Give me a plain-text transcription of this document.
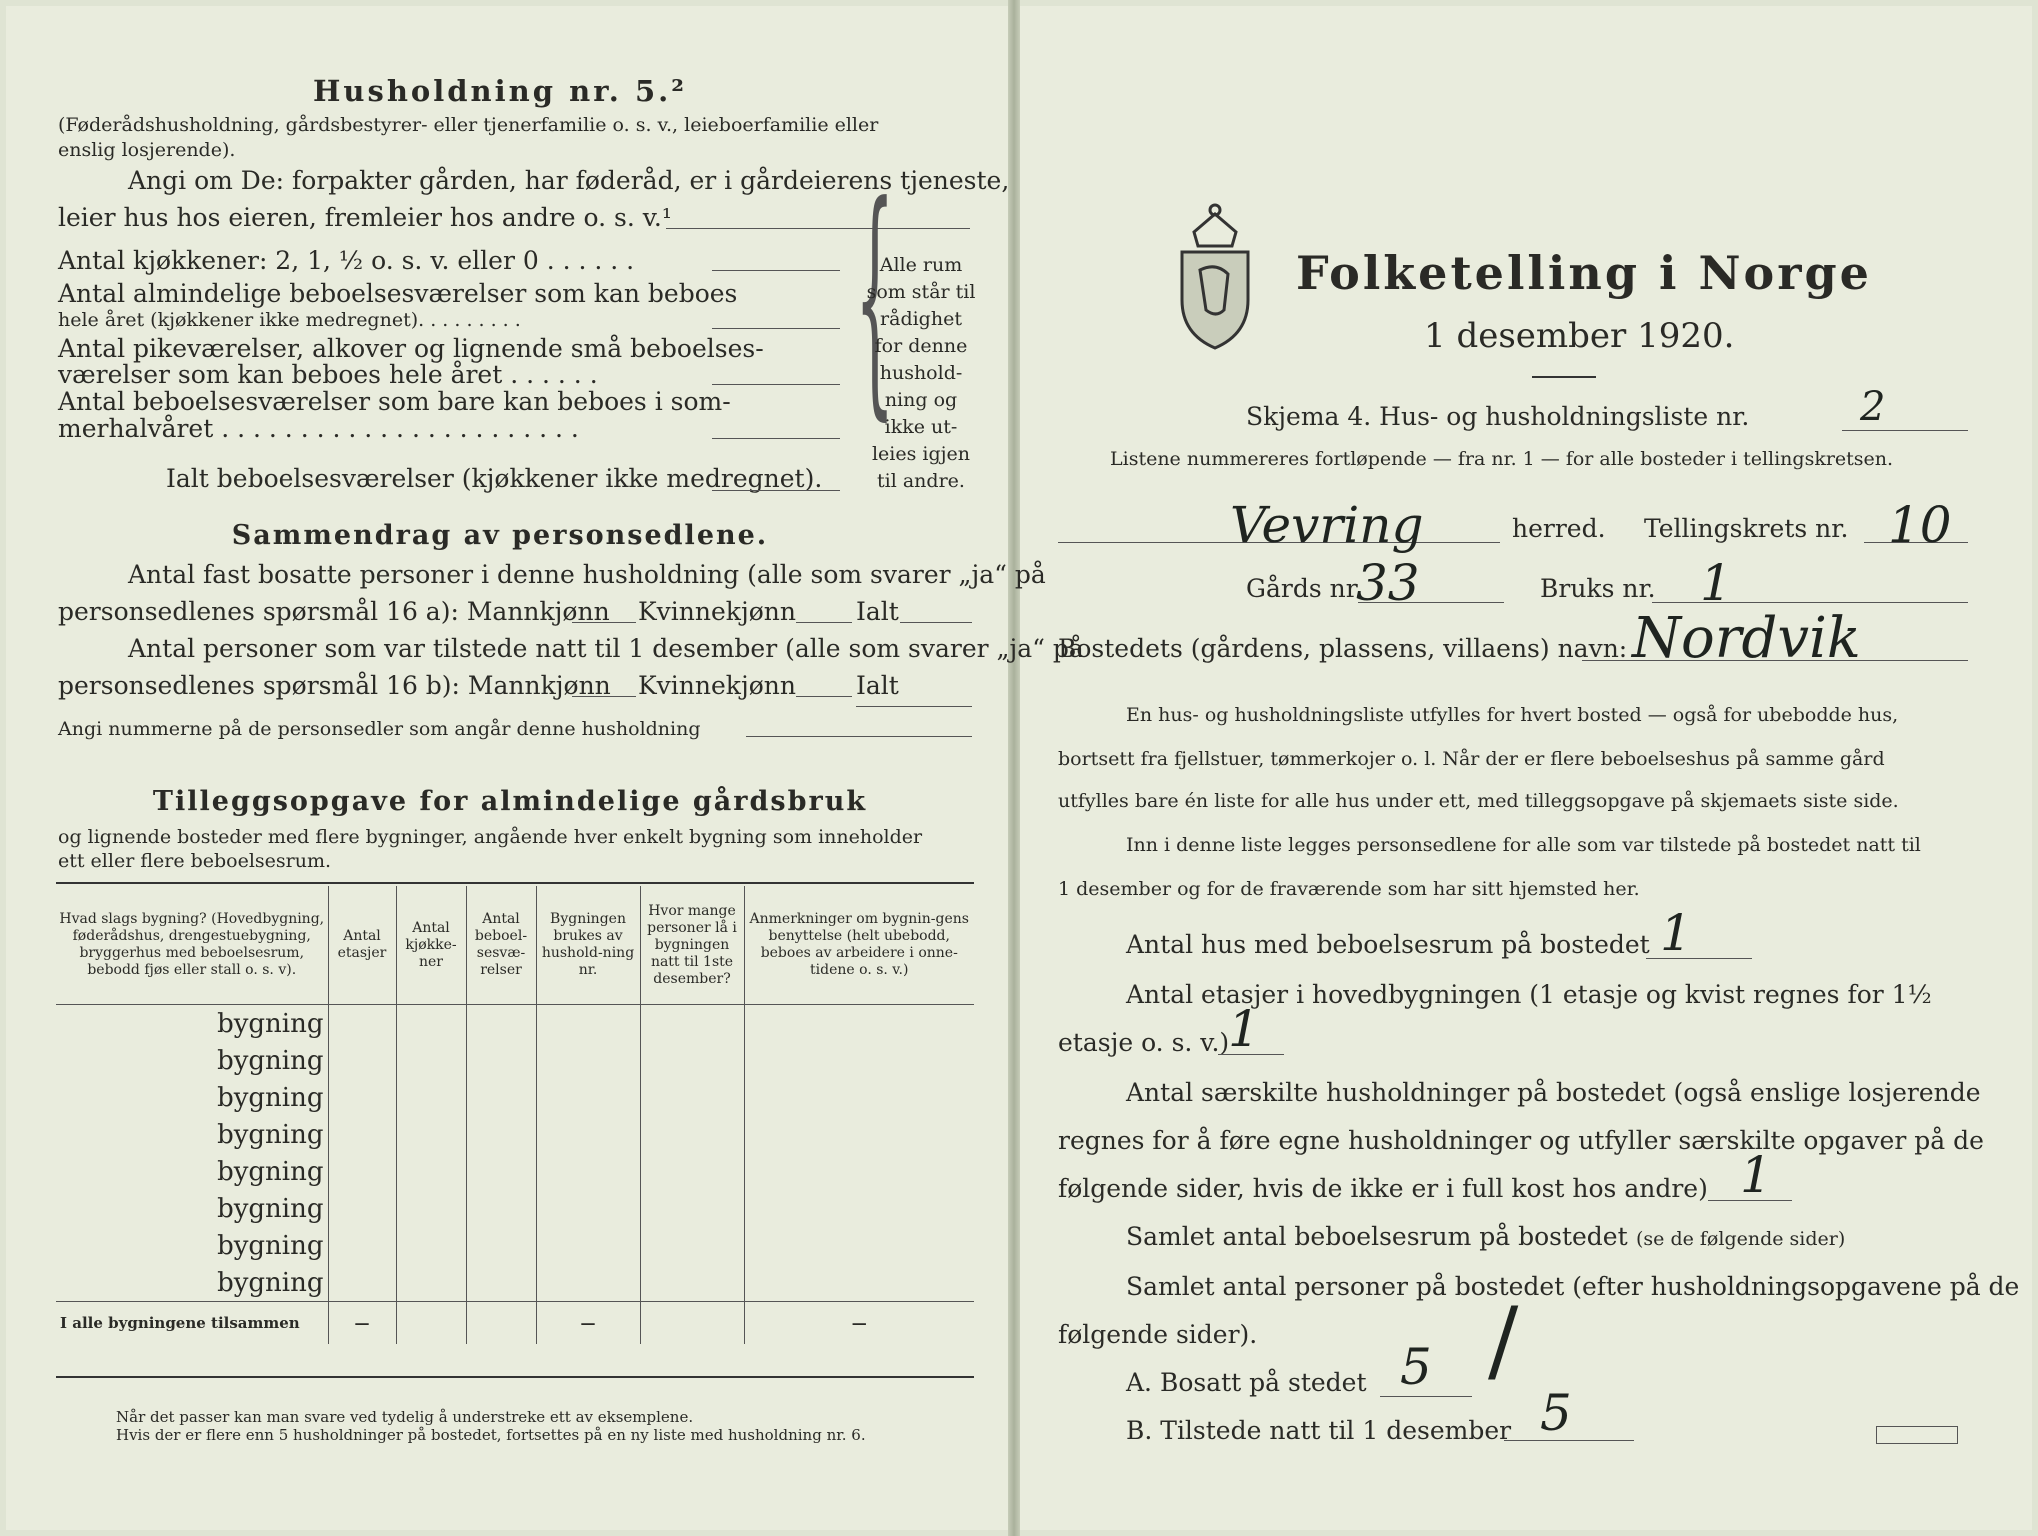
Husholdning nr. 5.²
(Føderådshusholdning, gårdsbestyrer- eller tjenerfamilie o. s. v., leieboerfamilie eller
enslig losjerende).
Angi om De: forpakter gården, har føderåd, er i gårdeierens tjeneste,
leier hus hos eieren, fremleier hos andre o. s. v.¹
Antal kjøkkener: 2, 1, ½ o. s. v. eller 0 . . . . . .
Antal almindelige beboelsesværelser som kan beboes
hele året (kjøkkener ikke medregnet). . . . . . . . .
Antal pikeværelser, alkover og lignende små beboelses-
værelser som kan beboes hele året . . . . . .
Antal beboelsesværelser som bare kan beboes i som-
merhalvåret . . . . . . . . . . . . . . . . . . . . . . .
Ialt beboelsesværelser (kjøkkener ikke medregnet).
{
Alle rum
som står til
rådighet
for denne
hushold-
ning og
ikke ut-
leies igjen
til andre.
Sammendrag av personsedlene.
Antal fast bosatte personer i denne husholdning (alle som svarer „ja“ på
personsedlenes spørsmål 16 a): Mannkjønn Kvinnekjønn Ialt
Antal personer som var tilstede natt til 1 desember (alle som svarer „ja“ på
personsedlenes spørsmål 16 b): Mannkjønn Kvinnekjønn Ialt
Angi nummerne på de personsedler som angår denne husholdning
Tilleggsopgave for almindelige gårdsbruk
og lignende bosteder med flere bygninger, angående hver enkelt bygning som inneholder
ett eller flere beboelsesrum.
Hvad slags bygning? (Hovedbygning, føderådshus, drengestuebygning, bryggerhus med beboelsesrum, bebodd fjøs eller stall o. s. v).	Antal etasjer	Antal kjøkke-ner	Antal beboel-sesvæ-relser	Bygningen brukes av hushold-ning nr.	Hvor mange personer lå i bygningen natt til 1ste desember?	Anmerkninger om bygnin-gens benyttelse (helt ubebodd, beboes av arbeidere i onne-tidene o. s. v.)
bygning						
bygning						
bygning						
bygning						
bygning						
bygning						
bygning						
bygning						
I alle bygningene tilsammen	—			—		—
Når det passer kan man svare ved tydelig å understreke ett av eksemplene.
Hvis der er flere enn 5 husholdninger på bostedet, fortsettes på en ny liste med husholdning nr. 6.
Folketelling i Norge
1 desember 1920.
Skjema 4. Hus- og husholdningsliste nr.	2
Listene nummereres fortløpende — fra nr. 1 — for alle bosteder i tellingskretsen.
Vevring	herred. Tellingskrets nr. 10
Gårds nr.
33	Bruks nr. 1
Bostedets (gårdens, plassens, villaens) navn: Nordvik
En hus- og husholdningsliste utfylles for hvert bosted — også for ubebodde hus,
bortsett fra fjellstuer, tømmerkojer o. l. Når der er flere beboelseshus på samme gård
utfylles bare én liste for alle hus under ett, med tilleggsopgave på skjemaets siste side.
Inn i denne liste legges personsedlene for alle som var tilstede på bostedet natt til
1 desember og for de fraværende som har sitt hjemsted her.
Antal hus med beboelsesrum på bostedet 1
Antal etasjer i hovedbygningen (1 etasje og kvist regnes for 1½
etasje o. s. v.)
1
Antal særskilte husholdninger på bostedet (også enslige losjerende
regnes for å føre egne husholdninger og utfyller særskilte opgaver på de
følgende sider, hvis de ikke er i full kost hos andre) 1
Samlet antal beboelsesrum på bostedet (se de følgende sider)
Samlet antal personer på bostedet (efter husholdningsopgavene på de
følgende sider).
A. Bosatt på stedet 5 /
B. Tilstede natt til 1 desember 5
